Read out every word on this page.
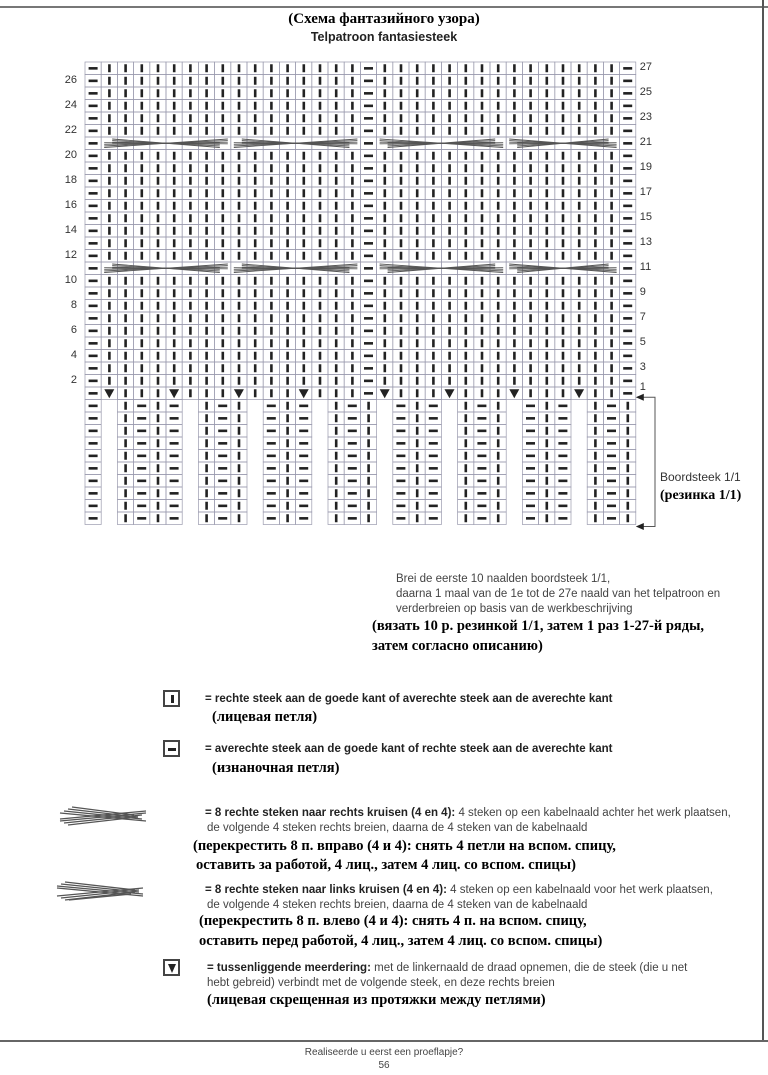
(Схема фантазийного узора)
Telpatroon fantasiesteek
2
4
6
8
10
12
14
16
18
20
22
24
26
1
3
5
7
9
11
13
15
17
19
21
23
25
27
Boordsteek 1/1
(резинка 1/1)
Brei de eerste 10 naalden boordsteek 1/1,
daarna 1 maal van de 1e tot de 27e naald van het telpatroon en
verderbreien op basis van de werkbeschrijving
(вязать 10 р. резинкой 1/1, затем 1 раз 1-27-й ряды,
затем согласно описанию)
= rechte steek aan de goede kant of averechte steek aan de averechte kant
(лицевая петля)
= averechte steek aan de goede kant of rechte steek aan de averechte kant
(изнаночная петля)
= 8 rechte steken naar rechts kruisen (4 en 4): 4 steken op een kabelnaald achter het werk plaatsen,
de volgende 4 steken rechts breien, daarna de 4 steken van de kabelnaald
(перекрестить 8 п. вправо (4 и 4): снять 4 петли на вспом. спицу,
оставить за работой, 4 лиц., затем 4 лиц. со вспом. спицы)
= 8 rechte steken naar links kruisen (4 en 4): 4 steken op een kabelnaald voor het werk plaatsen,
de volgende 4 steken rechts breien, daarna de 4 steken van de kabelnaald
(перекрестить 8 п. влево (4 и 4): снять 4 п. на вспом. спицу,
оставить перед работой, 4 лиц., затем 4 лиц. со вспом. спицы)
= tussenliggende meerdering: met de linkernaald de draad opnemen, die de steek (die u net
hebt gebreid) verbindt met de volgende steek, en deze rechts breien
(лицевая скрещенная из протяжки между петлями)
Realiseerde u eerst een proeflapje?
56
